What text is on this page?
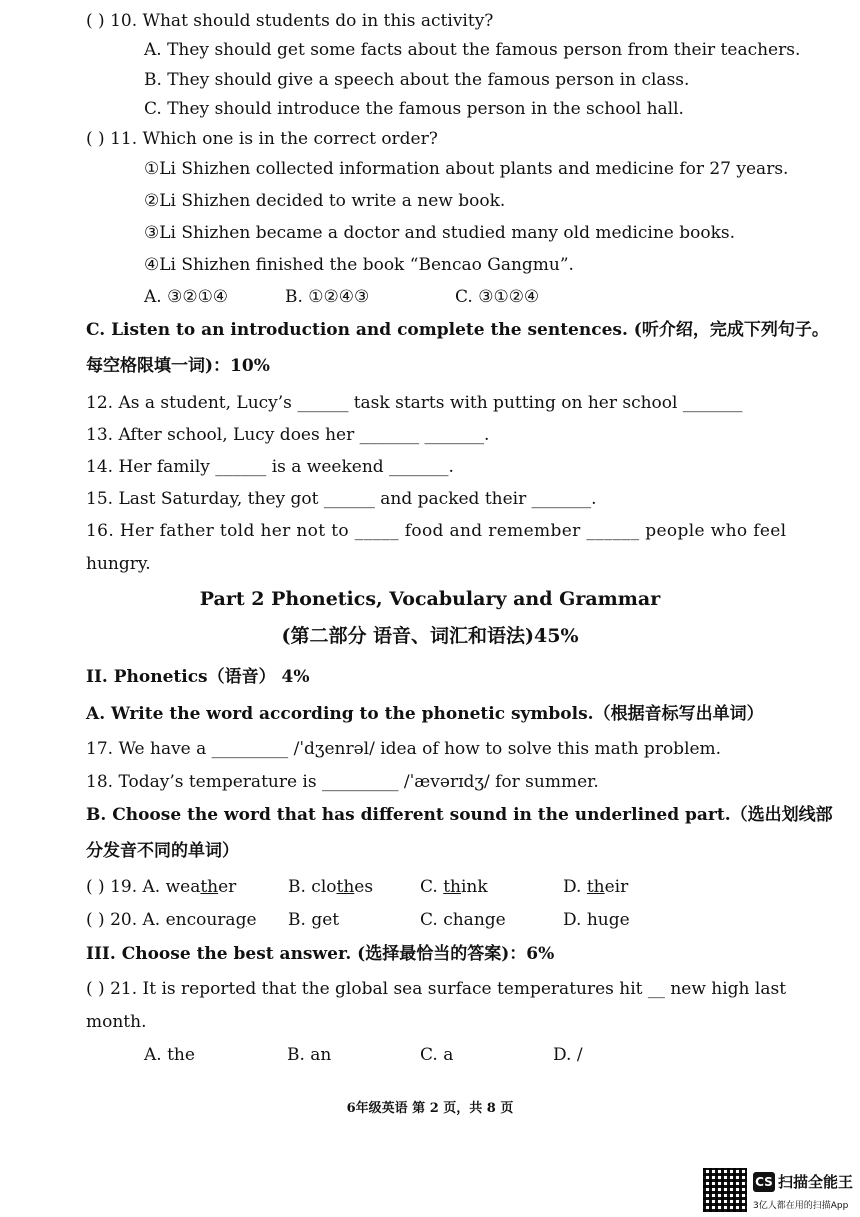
( ) 10. What should students do in this activity?
A. They should get some facts about the famous person from their teachers.
B. They should give a speech about the famous person in class.
C. They should introduce the famous person in the school hall.
( ) 11. Which one is in the correct order?
①Li Shizhen collected information about plants and medicine for 27 years.
②Li Shizhen decided to write a new book.
③Li Shizhen became a doctor and studied many old medicine books.
④Li Shizhen finished the book “Bencao Gangmu”.
A. ③②①④	B. ①②④③	C. ③①②④
C. Listen to an introduction and complete the sentences. (听介绍，完成下列句子。
每空格限填一词)：10%
12. As a student, Lucy’s ______ task starts with putting on her school _______
13. After school, Lucy does her _______ _______.
14. Her family ______ is a weekend _______.
15. Last Saturday, they got ______ and packed their _______.
16. Her father told her not to _____ food and remember ______ people who feel
hungry.
Part 2 Phonetics, Vocabulary and Grammar
(第二部分 语音、词汇和语法)45%
II. Phonetics（语音） 4%
A. Write the word according to the phonetic symbols.（根据音标写出单词）
17. We have a _________ /ˈdʒenrəl/ idea of how to solve this math problem.
18. Today’s temperature is _________ /ˈævərɪdʒ/ for summer.
B. Choose the word that has different sound in the underlined part.（选出划线部
分发音不同的单词）
( ) 19. A. weather	B. clothes	C. think	D. their
( ) 20. A. encourage B. get	C. change	D. huge
III. Choose the best answer. (选择最恰当的答案)：6%
( ) 21. It is reported that the global sea surface temperatures hit __ new high last
month.
A. the	B. an	C. a	D. /
6年级英语 第 2 页，共 8 页
CS 扫描全能王
3亿人都在用的扫描App
